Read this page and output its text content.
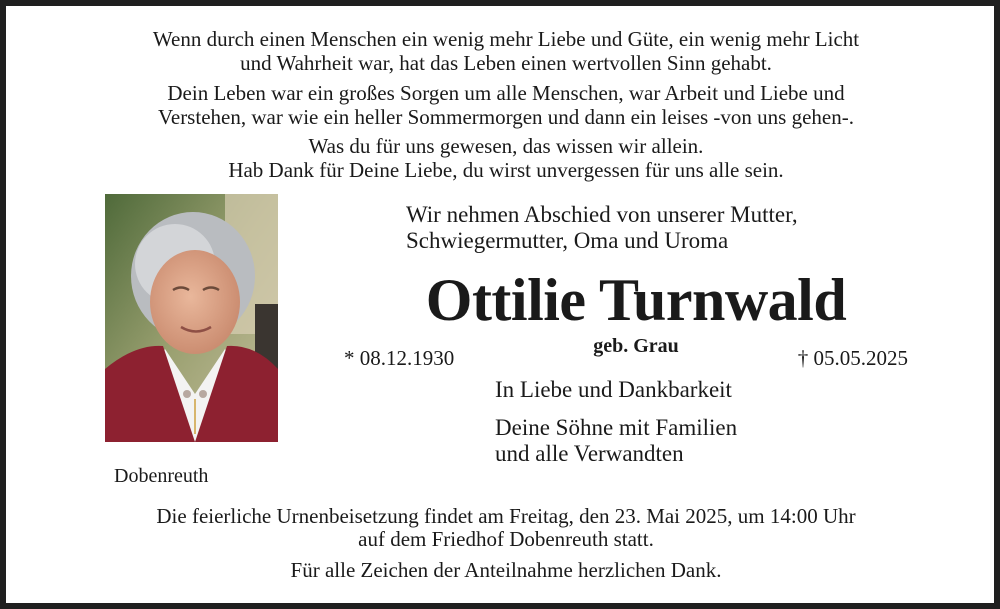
Wenn durch einen Menschen ein wenig mehr Liebe und Güte, ein wenig mehr Licht
und Wahrheit war, hat das Leben einen wertvollen Sinn gehabt.
Dein Leben war ein großes Sorgen um alle Menschen, war Arbeit und Liebe und
Verstehen, war wie ein heller Sommermorgen und dann ein leises -von uns gehen-.
Was du für uns gewesen, das wissen wir allein.
Hab Dank für Deine Liebe, du wirst unvergessen für uns alle sein.
Dobenreuth
Wir nehmen Abschied von unserer Mutter,
Schwiegermutter, Oma und Uroma
Ottilie Turnwald
geb. Grau
* 08.12.1930	† 05.05.2025
In Liebe und Dankbarkeit
Deine Söhne mit Familien
und alle Verwandten
Die feierliche Urnenbeisetzung findet am Freitag, den 23. Mai 2025, um 14:00 Uhr
auf dem Friedhof Dobenreuth statt.
Für alle Zeichen der Anteilnahme herzlichen Dank.
